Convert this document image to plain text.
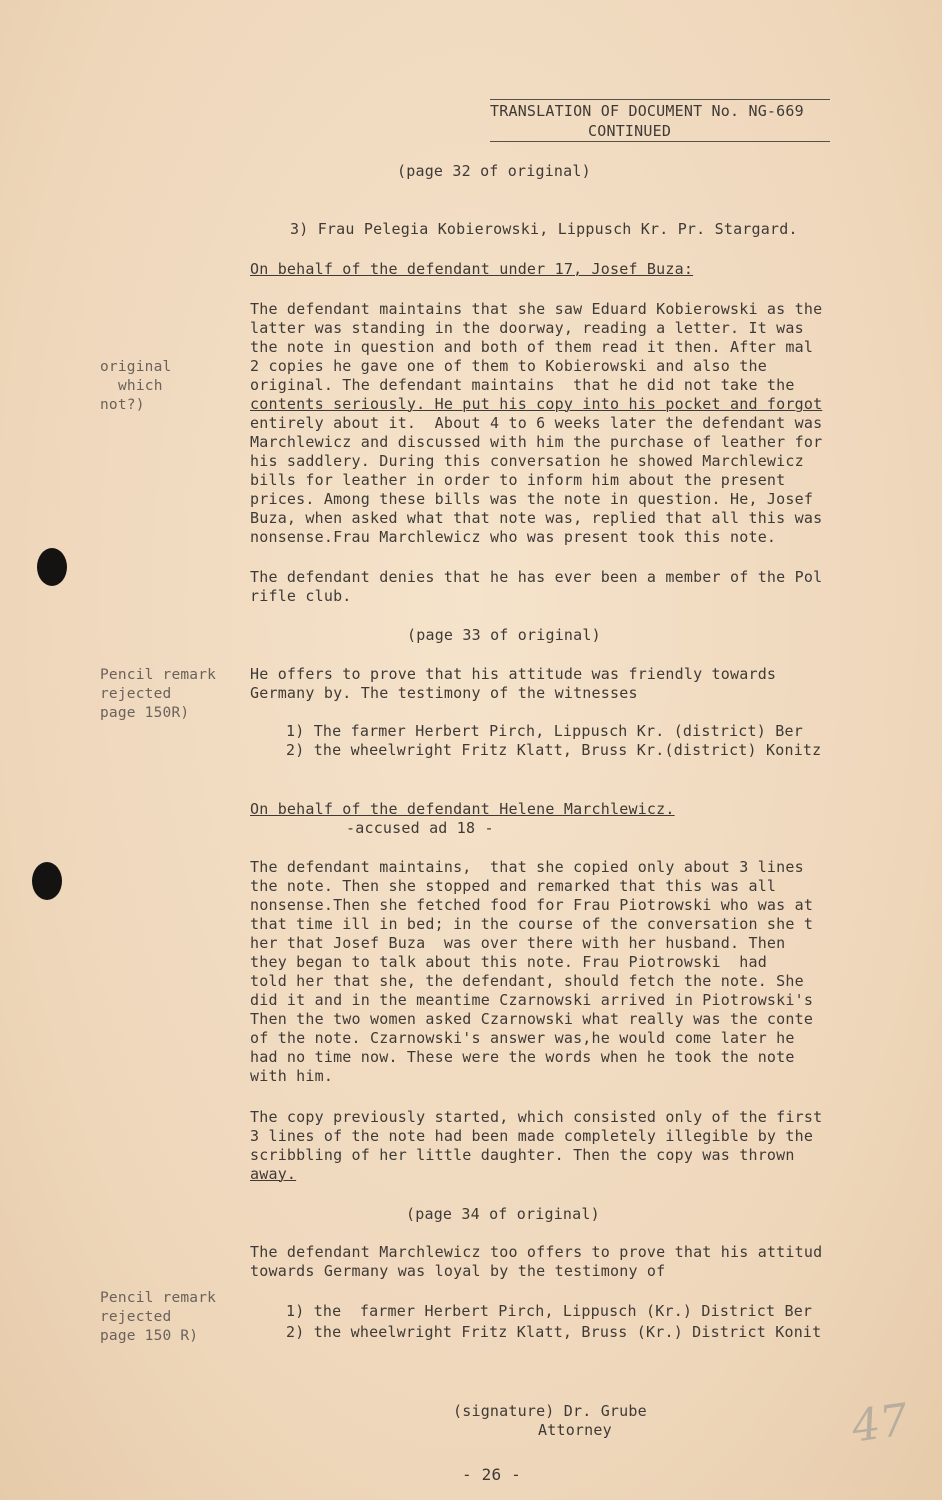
TRANSLATION OF DOCUMENT No. NG-669
CONTINUED
(page 32 of original)
3) Frau Pelegia Kobierowski, Lippusch Kr. Pr. Stargard.
On behalf of the defendant under 17, Josef Buza:
The defendant maintains that she saw Eduard Kobierowski as the
latter was standing in the doorway, reading a letter. It was
the note in question and both of them read it then. After mal
2 copies he gave one of them to Kobierowski and also the
original. The defendant maintains  that he did not take the
contents seriously. He put his copy into his pocket and forgot
entirely about it.  About 4 to 6 weeks later the defendant was
Marchlewicz and discussed with him the purchase of leather for
his saddlery. During this conversation he showed Marchlewicz
bills for leather in order to inform him about the present
prices. Among these bills was the note in question. He, Josef
Buza, when asked what that note was, replied that all this was
nonsense.Frau Marchlewicz who was present took this note.
original
which
not?)
The defendant denies that he has ever been a member of the Pol
rifle club.
(page 33 of original)
He offers to prove that his attitude was friendly towards
Germany by. The testimony of the witnesses
Pencil remark
rejected
page 150R)
1) The farmer Herbert Pirch, Lippusch Kr. (district) Ber
2) the wheelwright Fritz Klatt, Bruss Kr.(district) Konitz
On behalf of the defendant Helene Marchlewicz.
-accused ad 18 -
The defendant maintains,  that she copied only about 3 lines
the note. Then she stopped and remarked that this was all
nonsense.Then she fetched food for Frau Piotrowski who was at
that time ill in bed; in the course of the conversation she t
her that Josef Buza  was over there with her husband. Then
they began to talk about this note. Frau Piotrowski  had
told her that she, the defendant, should fetch the note. She
did it and in the meantime Czarnowski arrived in Piotrowski's
Then the two women asked Czarnowski what really was the conte
of the note. Czarnowski's answer was,he would come later he
had no time now. These were the words when he took the note
with him.
The copy previously started, which consisted only of the first
3 lines of the note had been made completely illegible by the
scribbling of her little daughter. Then the copy was thrown
away.
(page 34 of original)
The defendant Marchlewicz too offers to prove that his attitud
towards Germany was loyal by the testimony of
Pencil remark
rejected
page 150 R)
1) the  farmer Herbert Pirch, Lippusch (Kr.) District Ber
2) the wheelwright Fritz Klatt, Bruss (Kr.) District Konit
(signature) Dr. Grube
Attorney
- 26 -
47
